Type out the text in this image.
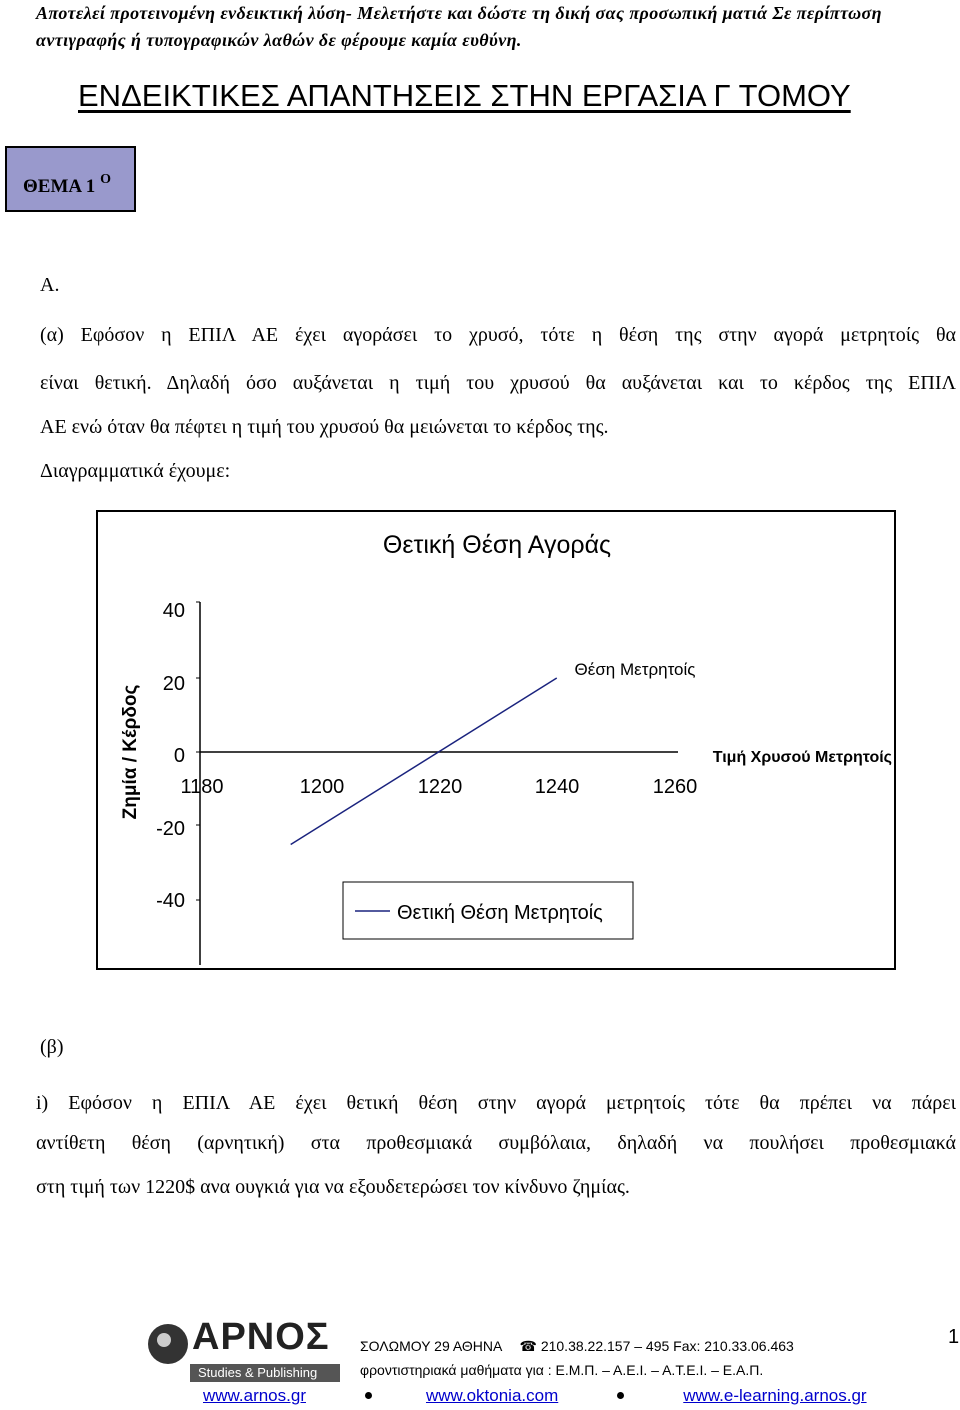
Αποτελεί προτεινομένη ενδεικτική λύση- Μελετήστε και δώστε τη δική σας προσωπική ματιά Σε περίπτωση
αντιγραφής ή τυπογραφικών λαθών δε φέρουμε καμία ευθύνη.
ΕΝΔΕΙΚΤΙΚΕΣ ΑΠΑΝΤΗΣΕΙΣ ΣΤΗΝ ΕΡΓΑΣΙΑ Γ ΤΟΜΟΥ
ΘΕΜΑ 1 $^O$
Α.
(α) Εφόσον η ΕΠΙΛ ΑΕ έχει αγοράσει το χρυσό, τότε η θέση της στην αγορά μετρητοίς θα
είναι θετική. Δηλαδή όσο αυξάνεται η τιμή του χρυσού θα αυξάνεται και το κέρδος της ΕΠΙΛ
ΑΕ ενώ όταν θα πέφτει η τιμή του χρυσού θα μειώνεται το κέρδος της.
Διαγραμματικά έχουμε:
Θετική Θέση Αγοράς
40
20
0
-20
-40
1180	1200	1220	1240	1260
Τιμή Χρυσού Μετρητοίς
Ζημία / Κέρδος
Θέση Μετρητοίς
Θετική Θέση Μετρητοίς
(β)
i) Εφόσον η ΕΠΙΛ ΑΕ έχει θετική θέση στην αγορά μετρητοίς τότε θα πρέπει να πάρει
αντίθετη θέση (αρνητική) στα προθεσμιακά συμβόλαια, δηλαδή να πουλήσει προθεσμιακά
στη τιμή των 1220$ ανα ουγκιά για να εξουδετερώσει τον κίνδυνο ζημίας.
ΑΡΝΟΣ
Studies & Publishing
ΣΟΛΩΜΟΥ 29 ΑΘΗΝΑ ☎ 210.38.22.157 – 495 Fax: 210.33.06.463
φροντιστηριακά μαθήματα για : Ε.Μ.Π. – Α.Ε.Ι. – Α.Τ.Ε.Ι. – Ε.Α.Π.
1
www.arnos.gr	www.oktonia.com	www.e-learning.arnos.gr
